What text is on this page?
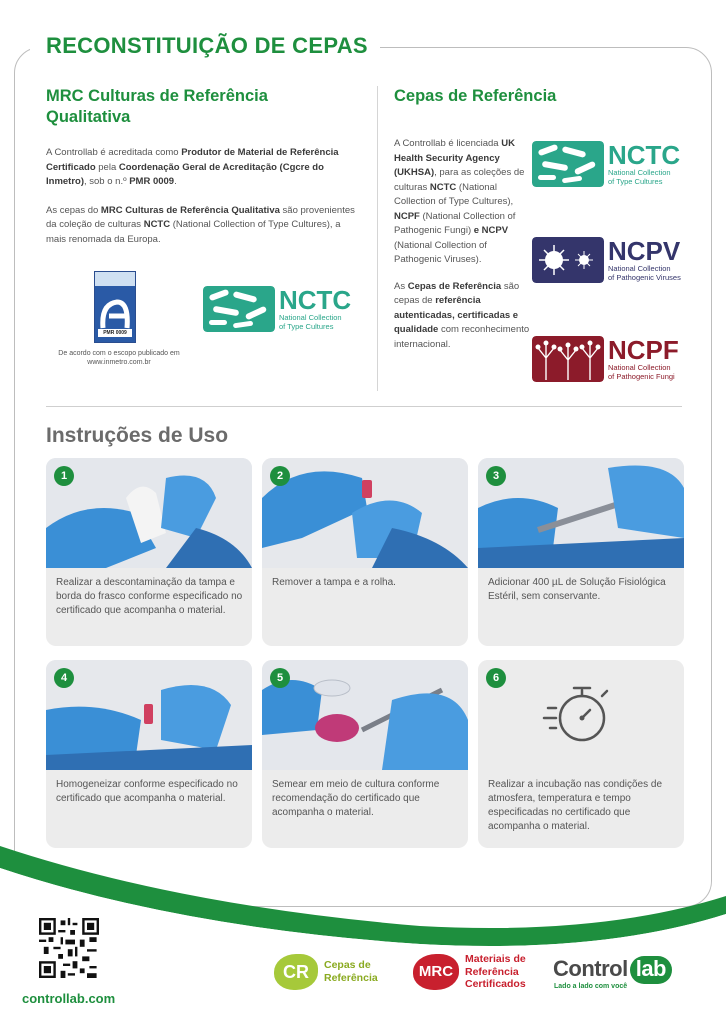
RECONSTITUIÇÃO DE CEPAS
MRC Culturas de Referência Qualitativa

A Controllab é acreditada como Produtor de Material de Referência Certificado pela Coordenação Geral de Acreditação (Cgcre do Inmetro), sob o n.º PMR 0009.

As cepas do MRC Culturas de Referência Qualitativa são provenientes da coleção de culturas NCTC (National Collection of Type Cultures), a mais renomada da Europa.

PMR 0009
De acordo com o escopo publicado em www.inmetro.com.br
NCTC
National Collection
of Type Cultures
Cepas de Referência

A Controllab é licenciada UK Health Security Agency (UKHSA), para as coleções de culturas NCTC (National Collection of Type Cultures), NCPF (National Collection of Pathogenic Fungi) e NCPV (National Collection of Pathogenic Viruses).

As Cepas de Referência são cepas de referência autenticadas, certificadas e qualidade com reconhecimento internacional.

NCTC
National Collection
of Type Cultures
NCPV
National Collection
of Pathogenic Viruses
NCPF
National Collection
of Pathogenic Fungi
Instruções de Uso
1
Realizar a descontaminação da tampa e borda do frasco conforme especificado no certificado que acompanha o material.
2
Remover a tampa e a rolha.
3
Adicionar 400 µL de Solução Fisiológica Estéril, sem conservante.
4
Homogeneizar conforme especificado no certificado que acompanha o material.
5
Semear em meio de cultura conforme recomendação do certificado que acompanha o material.
6
Realizar a incubação nas condições de atmosfera, temperatura e tempo especificadas no certificado que acompanha o material.
controllab.com
CR	Cepas de
Referência	MRC
Materiais de
Referência
Certificados
Control lab
Lado a lado com você
